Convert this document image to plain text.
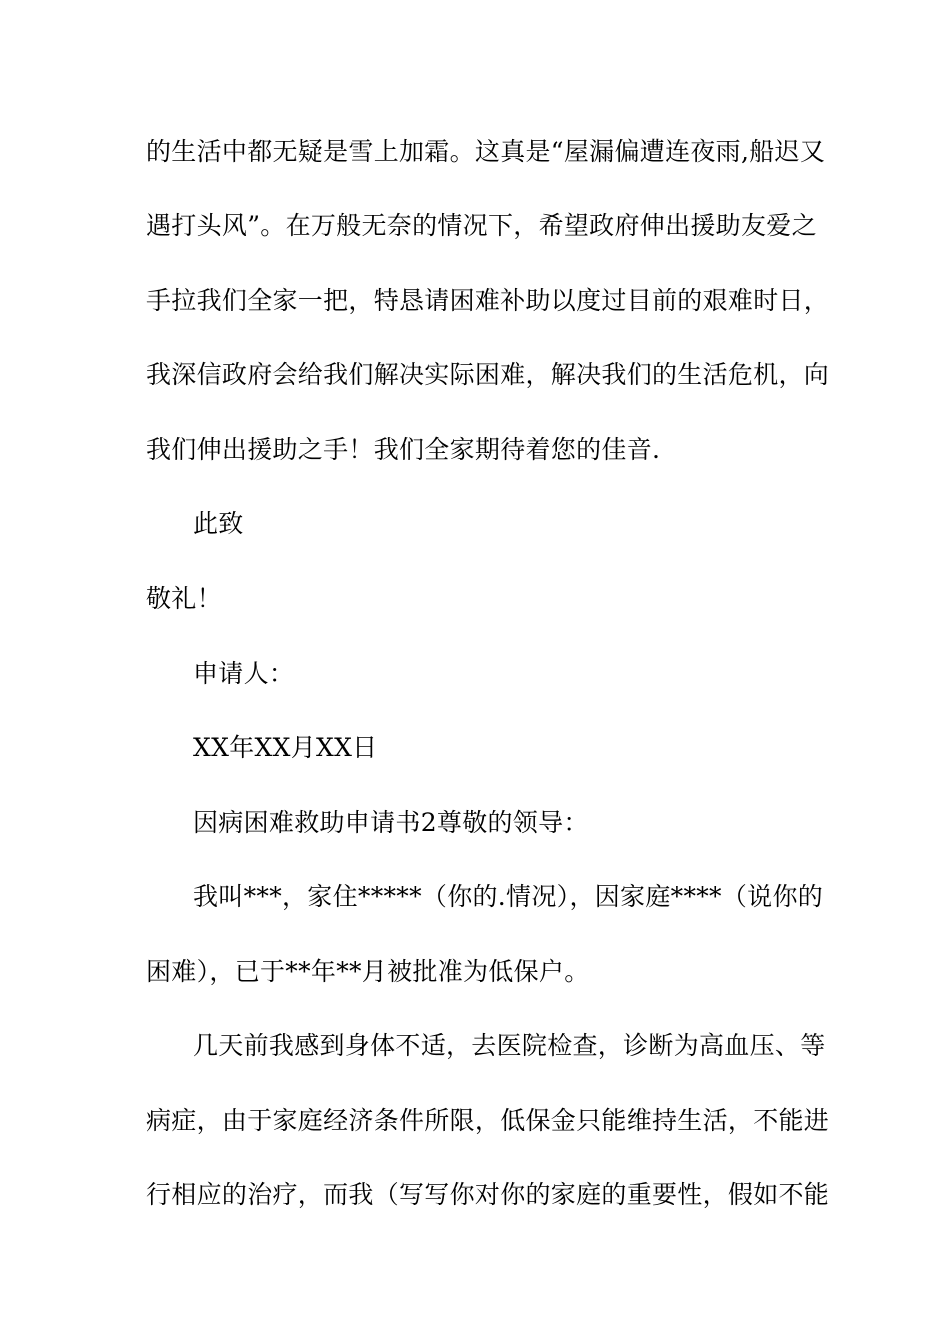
的生活中都无疑是雪上加霜。这真是“屋漏偏遭连夜雨,船迟又
遇打头风”。在万般无奈的情况下，希望政府伸出援助友爱之
手拉我们全家一把，特恳请困难补助以度过目前的艰难时日，
我深信政府会给我们解决实际困难，解决我们的生活危机，向
我们伸出援助之手！我们全家期待着您的佳音.
此致
敬礼！
申请人：
XX年XX月XX日
因病困难救助申请书2尊敬的领导：
我叫***，家住*****（你的.情况），因家庭****（说你的
困难），已于**年**月被批准为低保户。
几天前我感到身体不适，去医院检查，诊断为高血压、等
病症，由于家庭经济条件所限，低保金只能维持生活，不能进
行相应的治疗，而我（写写你对你的家庭的重要性，假如不能
